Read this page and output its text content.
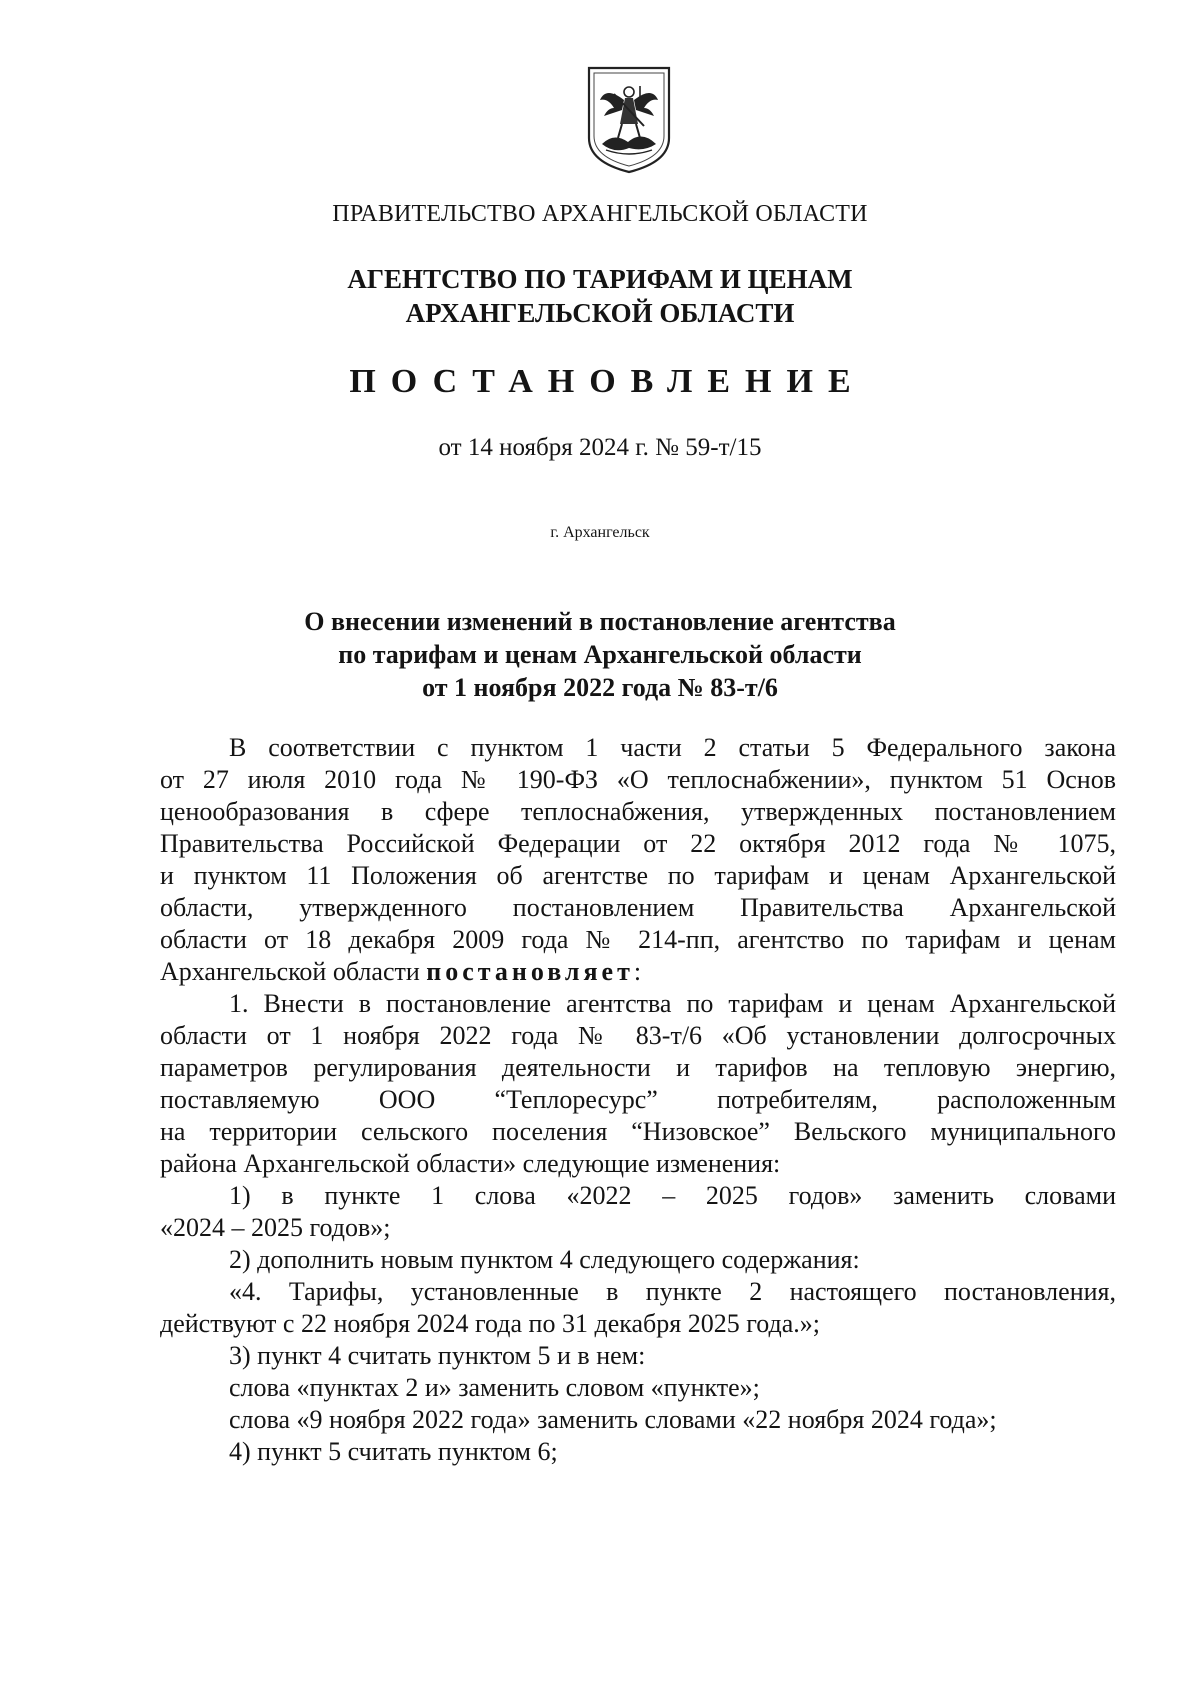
ПРАВИТЕЛЬСТВО АРХАНГЕЛЬСКОЙ ОБЛАСТИ
АГЕНТСТВО ПО ТАРИФАМ И ЦЕНАМ
АРХАНГЕЛЬСКОЙ ОБЛАСТИ
ПОСТАНОВЛЕНИЕ
от 14 ноября 2024 г. № 59-т/15
г. Архангельск
О внесении изменений в постановление агентства
по тарифам и ценам Архангельской области
от 1 ноября 2022 года № 83-т/6
В соответствии с пунктом 1 части 2 статьи 5 Федерального закона
от 27 июля 2010 года № 190-ФЗ «О теплоснабжении», пунктом 51 Основ
ценообразования в сфере теплоснабжения, утвержденных постановлением
Правительства Российской Федерации от 22 октября 2012 года № 1075,
и пунктом 11 Положения об агентстве по тарифам и ценам Архангельской
области, утвержденного постановлением Правительства Архангельской
области от 18 декабря 2009 года № 214-пп, агентство по тарифам и ценам
Архангельской области постановляет:
1. Внести в постановление агентства по тарифам и ценам Архангельской
области от 1 ноября 2022 года № 83-т/6 «Об установлении долгосрочных
параметров регулирования деятельности и тарифов на тепловую энергию,
поставляемую ООО “Теплоресурс” потребителям, расположенным
на территории сельского поселения “Низовское” Вельского муниципального
района Архангельской области» следующие изменения:
1) в пункте 1 слова «2022 – 2025 годов» заменить словами
«2024 – 2025 годов»;
2) дополнить новым пунктом 4 следующего содержания:
«4. Тарифы, установленные в пункте 2 настоящего постановления,
действуют с 22 ноября 2024 года по 31 декабря 2025 года.»;
3) пункт 4 считать пунктом 5 и в нем:
слова «пунктах 2 и» заменить словом «пункте»;
слова «9 ноября 2022 года» заменить словами «22 ноября 2024 года»;
4) пункт 5 считать пунктом 6;
